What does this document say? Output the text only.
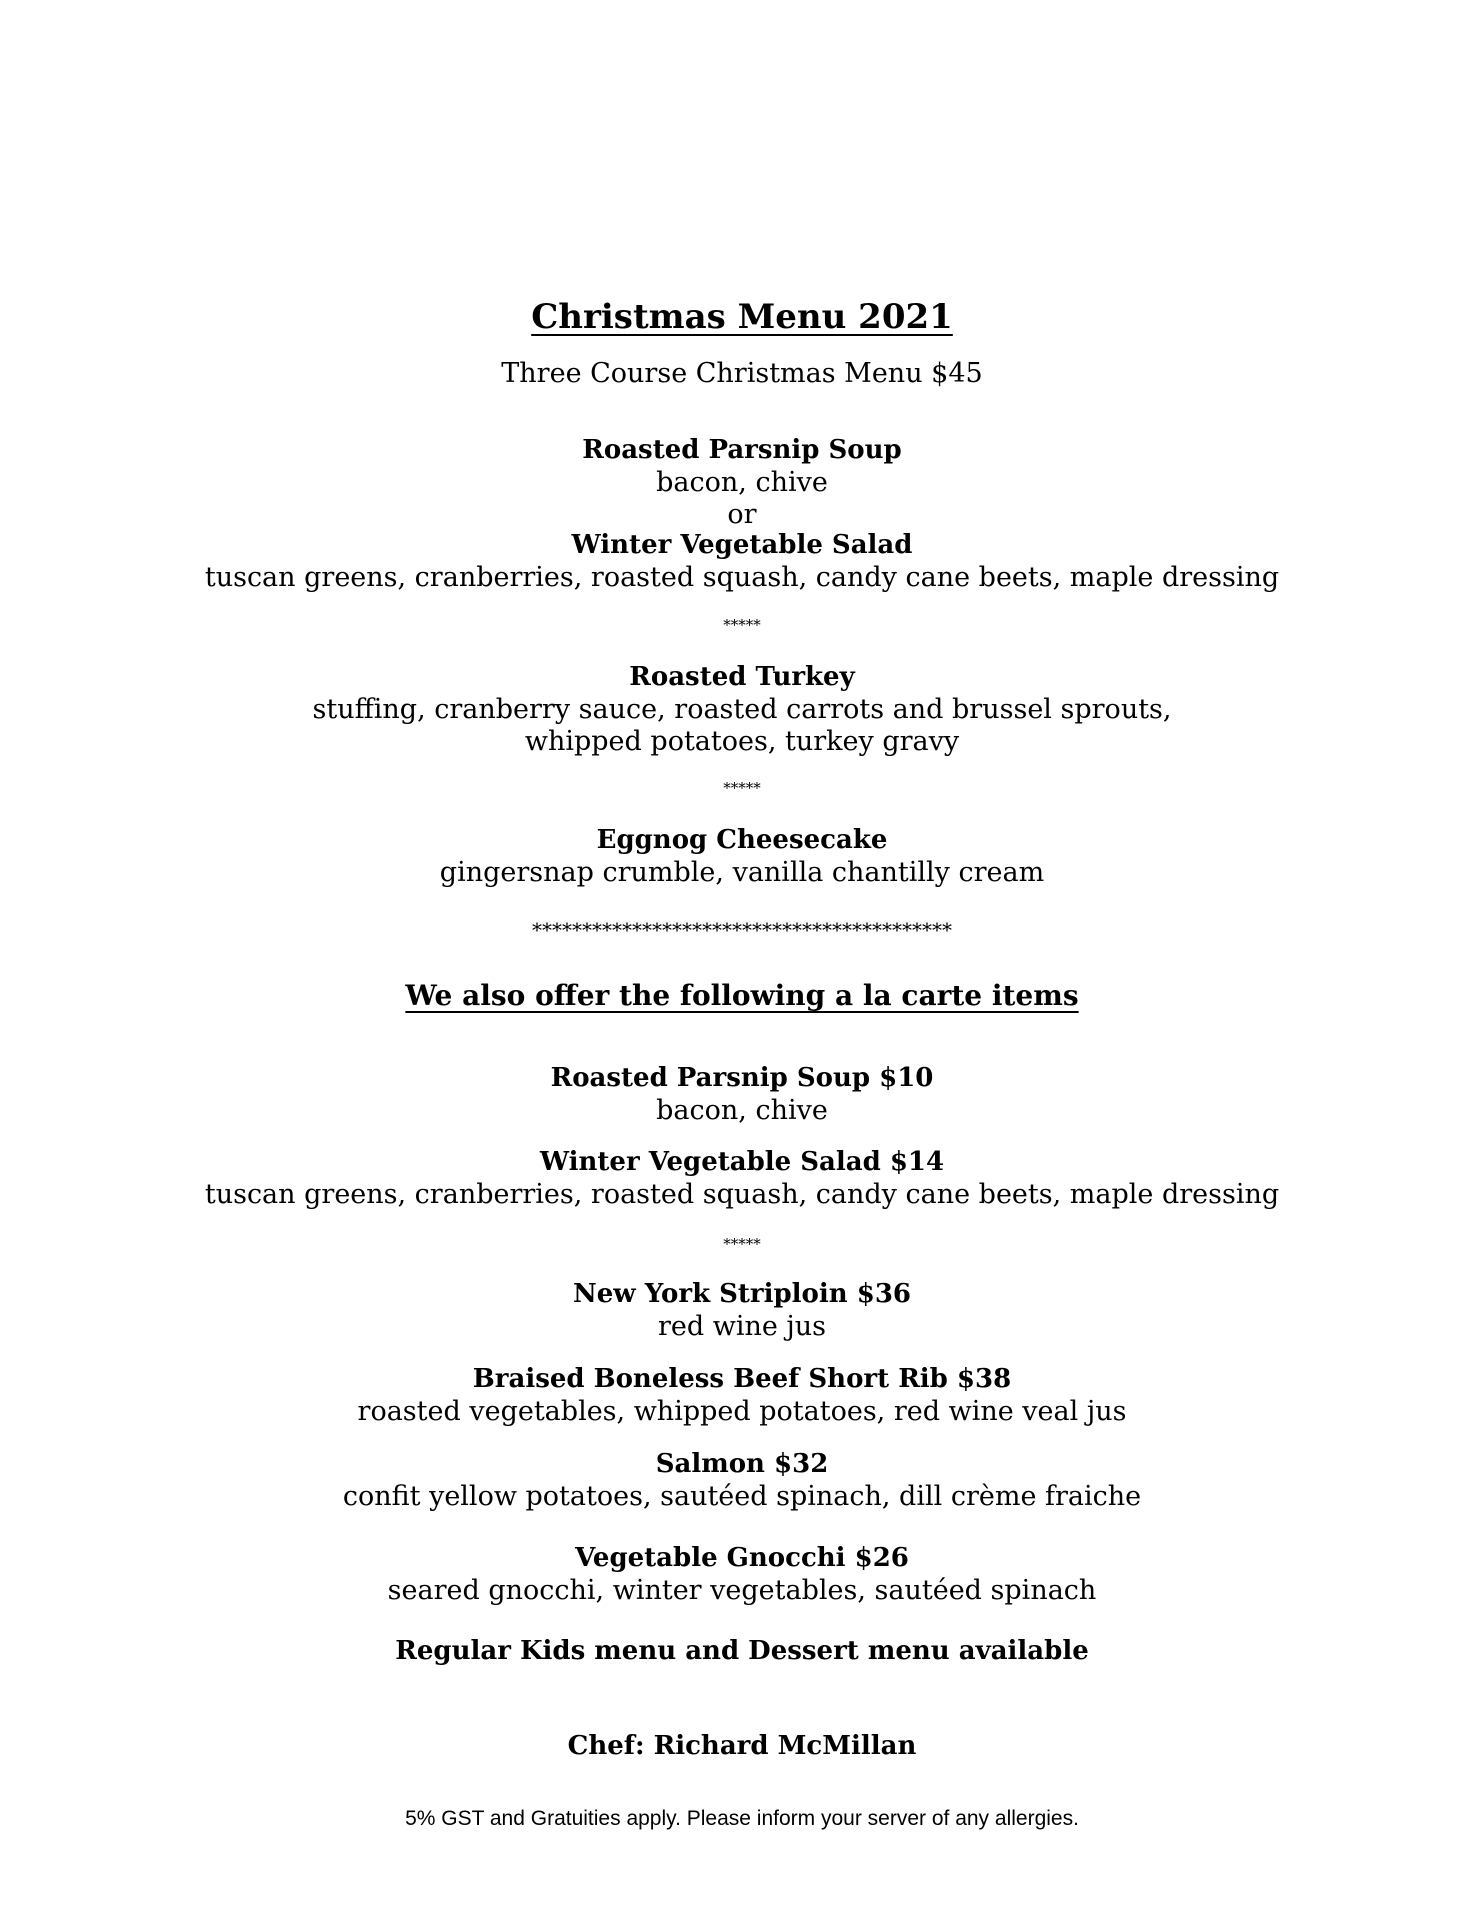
Christmas Menu 2021
Three Course Christmas Menu $45
Roasted Parsnip Soup
bacon, chive
or
Winter Vegetable Salad
tuscan greens, cranberries, roasted squash, candy cane beets, maple dressing
*****
Roasted Turkey
stuffing, cranberry sauce, roasted carrots and brussel sprouts,
whipped potatoes, turkey gravy
*****
Eggnog Cheesecake
gingersnap crumble, vanilla chantilly cream
******************************************
We also offer the following a la carte items
Roasted Parsnip Soup $10
bacon, chive
Winter Vegetable Salad $14
tuscan greens, cranberries, roasted squash, candy cane beets, maple dressing
*****
New York Striploin $36
red wine jus
Braised Boneless Beef Short Rib $38
roasted vegetables, whipped potatoes, red wine veal jus
Salmon $32
confit yellow potatoes, sautéed spinach, dill crème fraiche
Vegetable Gnocchi $26
seared gnocchi, winter vegetables, sautéed spinach
Regular Kids menu and Dessert menu available
Chef: Richard McMillan
5% GST and Gratuities apply. Please inform your server of any allergies.
